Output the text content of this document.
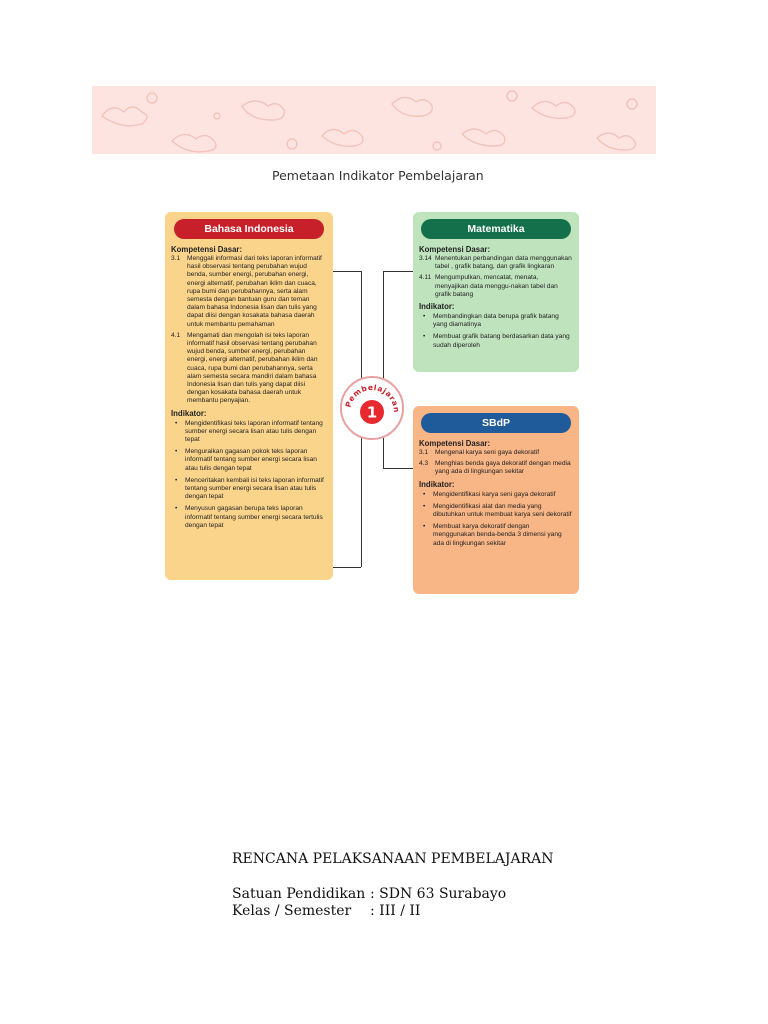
Pemetaan Indikator Pembelajaran
Bahasa Indonesia
Kompetensi Dasar:
3.1	Menggali informasi dari teks laporan informatif hasil observasi tentang perubahan wujud benda, sumber energi, perubahan energi, energi alternatif, perubahan iklim dan cuaca, rupa bumi dan perubahannya, serta alam semesta dengan bantuan guru dan teman dalam bahasa Indonesia lisan dan tulis yang dapat diisi dengan kosakata bahasa daerah untuk membantu pemahaman
4.1	Mengamati dan mengolah isi teks laporan informatif hasil observasi tentang perubahan wujud benda, sumber energi, perubahan energi, energi alternatif, perubahan iklim dan cuaca, rupa bumi dan perubahannya, serta alam semesta secara mandiri dalam bahasa Indonesia lisan dan tulis yang dapat diisi dengan kosakata bahasa daerah untuk membantu penyajian.
Indikator:
•	Mengidentifikasi teks laporan informatif tentang sumber energi secara lisan atau tulis dengan tepat
•	Menguraikan gagasan pokok teks laporan informatif tentang sumber energi secara lisan atau tulis dengan tepat
•	Menceritakan kembali isi teks laporan informatif tentang sumber energi secara lisan atau tulis dengan tepat
•	Menyusun gagasan berupa teks laporan informatif tentang sumber energi secara tertulis dengan tepat
Matematika
Kompetensi Dasar:
3.14 Menentukan perbandingan data menggunakan tabel , grafik batang, dan grafik lingkaran
4.11 Mengumpulkan, mencatat, menata, menyajikan data menggu-nakan tabel dan grafik batang
Indikator:
•	Membandingkan data berupa grafik batang yang diamatinya
•	Membuat grafik batang berdasarkan data yang sudah diperoleh
SBdP
Kompetensi Dasar:
3.1	Mengenal karya seni gaya dekoratif
4.3	Menghias benda gaya dekoratif dengan media yang ada di lingkungan sekitar
Indikator:
•	Mengidentifikasi karya seni gaya dekoratif
•	Mengidentifikasi alat dan media yang dibutuhkan untuk membuat karya seni dekoratif
•	Membuat karya dekoratif dengan menggunakan benda-benda 3 dimensi yang ada di lingkungan sekitar
Pembelajaran
1
RENCANA PELAKSANAAN PEMBELAJARAN
Satuan Pendidikan : SDN 63 Surabayo
Kelas / Semester : III / II
